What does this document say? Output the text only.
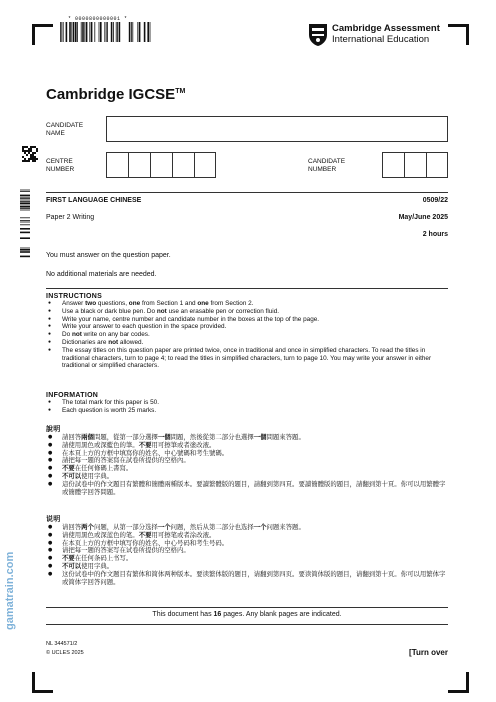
* 0000800000001 *
Cambridge Assessment
International Education
Cambridge IGCSE™
CANDIDATE
NAME
CENTRE
NUMBER
CANDIDATE
NUMBER
FIRST LANGUAGE CHINESE	0509/22
Paper 2 Writing	May/June 2025
2 hours
You must answer on the question paper.
No additional materials are needed.
INSTRUCTIONS
● Answer two questions, one from Section 1 and one from Section 2.
● Use a black or dark blue pen. Do not use an erasable pen or correction fluid.
● Write your name, centre number and candidate number in the boxes at the top of the page.
● Write your answer to each question in the space provided.
● Do not write on any bar codes.
● Dictionaries are not allowed.
● The essay titles on this question paper are printed twice, once in traditional and once in simplified characters. To read the titles in traditional characters, turn to page 4; to read the titles in simplified characters, turn to page 10. You may write your answer in either traditional or simplified characters.
INFORMATION
● The total mark for this paper is 50.
● Each question is worth 25 marks.
說明
● 請回答兩個問題，從第一部分選擇一個問題，然後從第二部分也選擇一個問題來答題。
● 請使用黑色或深藍色的筆。不要用可擦筆或者塗改液。
● 在本頁上方的方框中填寫你的姓名、中心號碼和考生號碼。
● 請把每一題的答案寫在試卷所提供的空格內。
● 不要在任何條碼上書寫。
● 不可以使用字典。
● 這份試卷中的作文題目有繁體和簡體兩種版本。要讀繁體版的題目，請翻到第四頁。要讀簡體版的題目，請翻到第十頁。你可以用繁體字或簡體字回答問題。
说明
● 请回答两个问题，从第一部分选择一个问题，然后从第二部分也选择一个问题来答题。
● 请使用黑色或深蓝色的笔。不要用可擦笔或者涂改液。
● 在本页上方的方框中填写你的姓名、中心号码和考生号码。
● 请把每一题的答案写在试卷所提供的空格内。
● 不要在任何条码上书写。
● 不可以使用字典。
● 这份试卷中的作文题目有繁体和简体两种版本。要读繁体版的题目，请翻到第四页。要读简体版的题目，请翻到第十页。你可以用繁体字或简体字回答问题。
This document has 16 pages. Any blank pages are indicated.
NL 344571/2
© UCLES 2025	[Turn over
gamatrain.com
